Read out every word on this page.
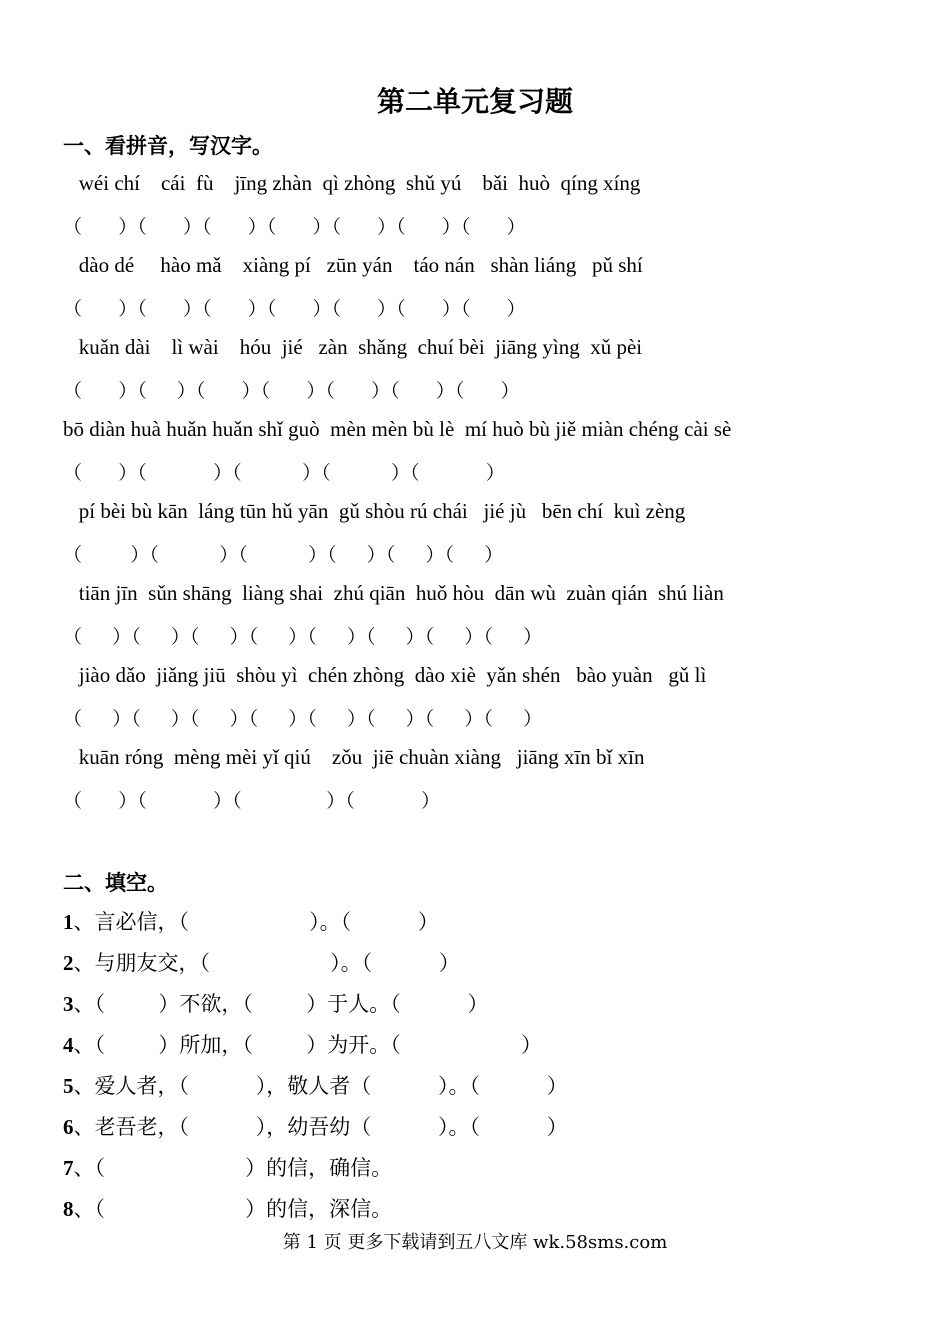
第二单元复习题
一、看拼音，写汉字。
wéi chí    cái  fù    jīng zhàn  qì zhòng  shǔ yú    bǎi  huò  qíng xíng
（      ）（      ）（      ）（      ）（      ）（      ）（      ）
dào dé     hào mǎ    xiàng pí   zūn yán    táo nán   shàn liáng   pǔ shí
（      ）（      ）（      ）（      ）（      ）（      ）（      ）
kuǎn dài    lì wài    hóu  jié   zàn  shǎng  chuí bèi  jiāng yìng  xǔ pèi
（      ）（     ）（      ）（      ）（      ）（      ）（      ）
bō diàn huà huǎn huǎn shǐ guò  mèn mèn bù lè  mí huò bù jiě miàn chéng cài sè
（      ）（           ）（          ）（          ）（           ）
pí bèi bù kān  láng tūn hǔ yān  gǔ shòu rú chái   jié jù   bēn chí  kuì zèng
（        ）（          ）（          ）（     ）（     ）（     ）
tiān jīn  sǔn shāng  liàng shai  zhú qiān  huǒ hòu  dān wù  zuàn qián  shú liàn
（     ）（     ）（     ）（     ）（     ）（     ）（     ）（     ）
jiào dǎo  jiǎng jiū  shòu yì  chén zhòng  dào xiè  yǎn shén   bào yuàn   gǔ lì
（     ）（     ）（     ）（     ）（     ）（     ）（     ）（     ）
kuān róng  mèng mèi yǐ qiú    zǒu  jiē chuàn xiàng   jiāng xīn bǐ xīn
（      ）（           ）（              ）（           ）
二、填空。
1、言必信，（                  ）。（          ）
2、与朋友交，（                  ）。（          ）
3、（        ）不欲，（        ）于人。（          ）
4、（        ）所加，（        ）为开。（                  ）
5、爱人者，（          ），敬人者（          ）。（          ）
6、老吾老，（          ），幼吾幼（          ）。（          ）
7、（                     ）的信，确信。
8、（                     ）的信，深信。
第 1 页 更多下载请到五八文库 wk.58sms.com
